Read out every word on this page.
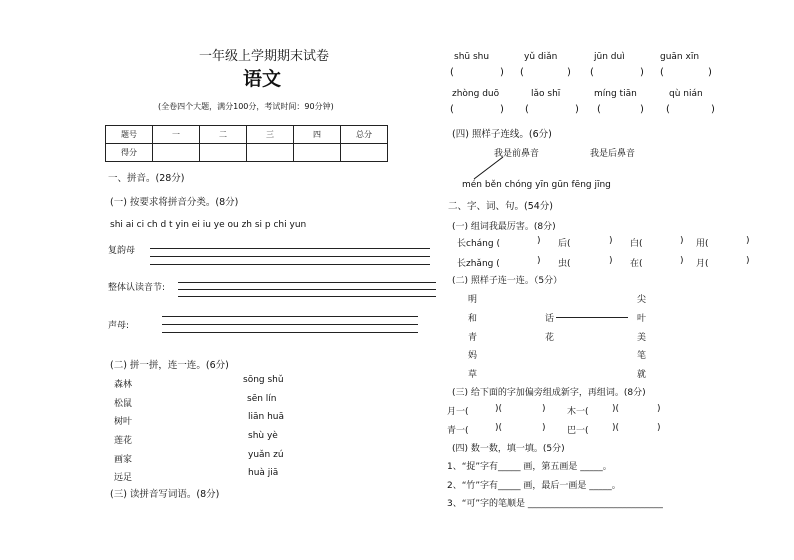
一年级上学期期末试卷
语文
(全卷四个大题，满分100分，考试时间：90分钟)
题号	一	二	三	四	总分
得分					
一、拼音。(28分)
(一) 按要求将拼音分类。(8分)
shi ai ci ch d t yin ei iu ye ou zh si p chi yun
复韵母
整体认读音节:
声母:
(二) 拼一拼，连一连。(6分)
森林
松鼠
树叶
莲花
画家
远足
sōng shǔ
sēn lín
liān huā
shù yè
yuǎn zú
huà jiā
(三) 读拼音写词语。(8分)
shū shu	yǔ diǎn	jūn duì	guān xīn
(	) (	) (	) (	)
zhòng duō	lǎo shī	míng tiān	qù nián
(	) (	) (	) (	)
(四) 照样子连线。(6分)
我是前鼻音	我是后鼻音
mén běn chóng yīn gūn fēng jīng
二、字、词、句。(54分)
(一) 组词我最厉害。(8分)
长cháng (	) 后(	) 白(	) 用(	)
长zhǎng (	) 虫(	) 在(	) 月(	)
(二) 照样子连一连。（5分）
明
和
青
妈
草
话
花
尖
叶
美
笔
就
(三) 给下面的字加偏旁组成新字，再组词。(8分)
月一(	)(	) 木一(	)(	)
青一(	)(	) 巴一(	)(	)
(四) 数一数，填一填。(5分)
1、“捉”字有_____ 画，第五画是 _____。
2、“竹”字有_____ 画，最后一画是 _____。
3、“可”字的笔顺是 ______________________________
